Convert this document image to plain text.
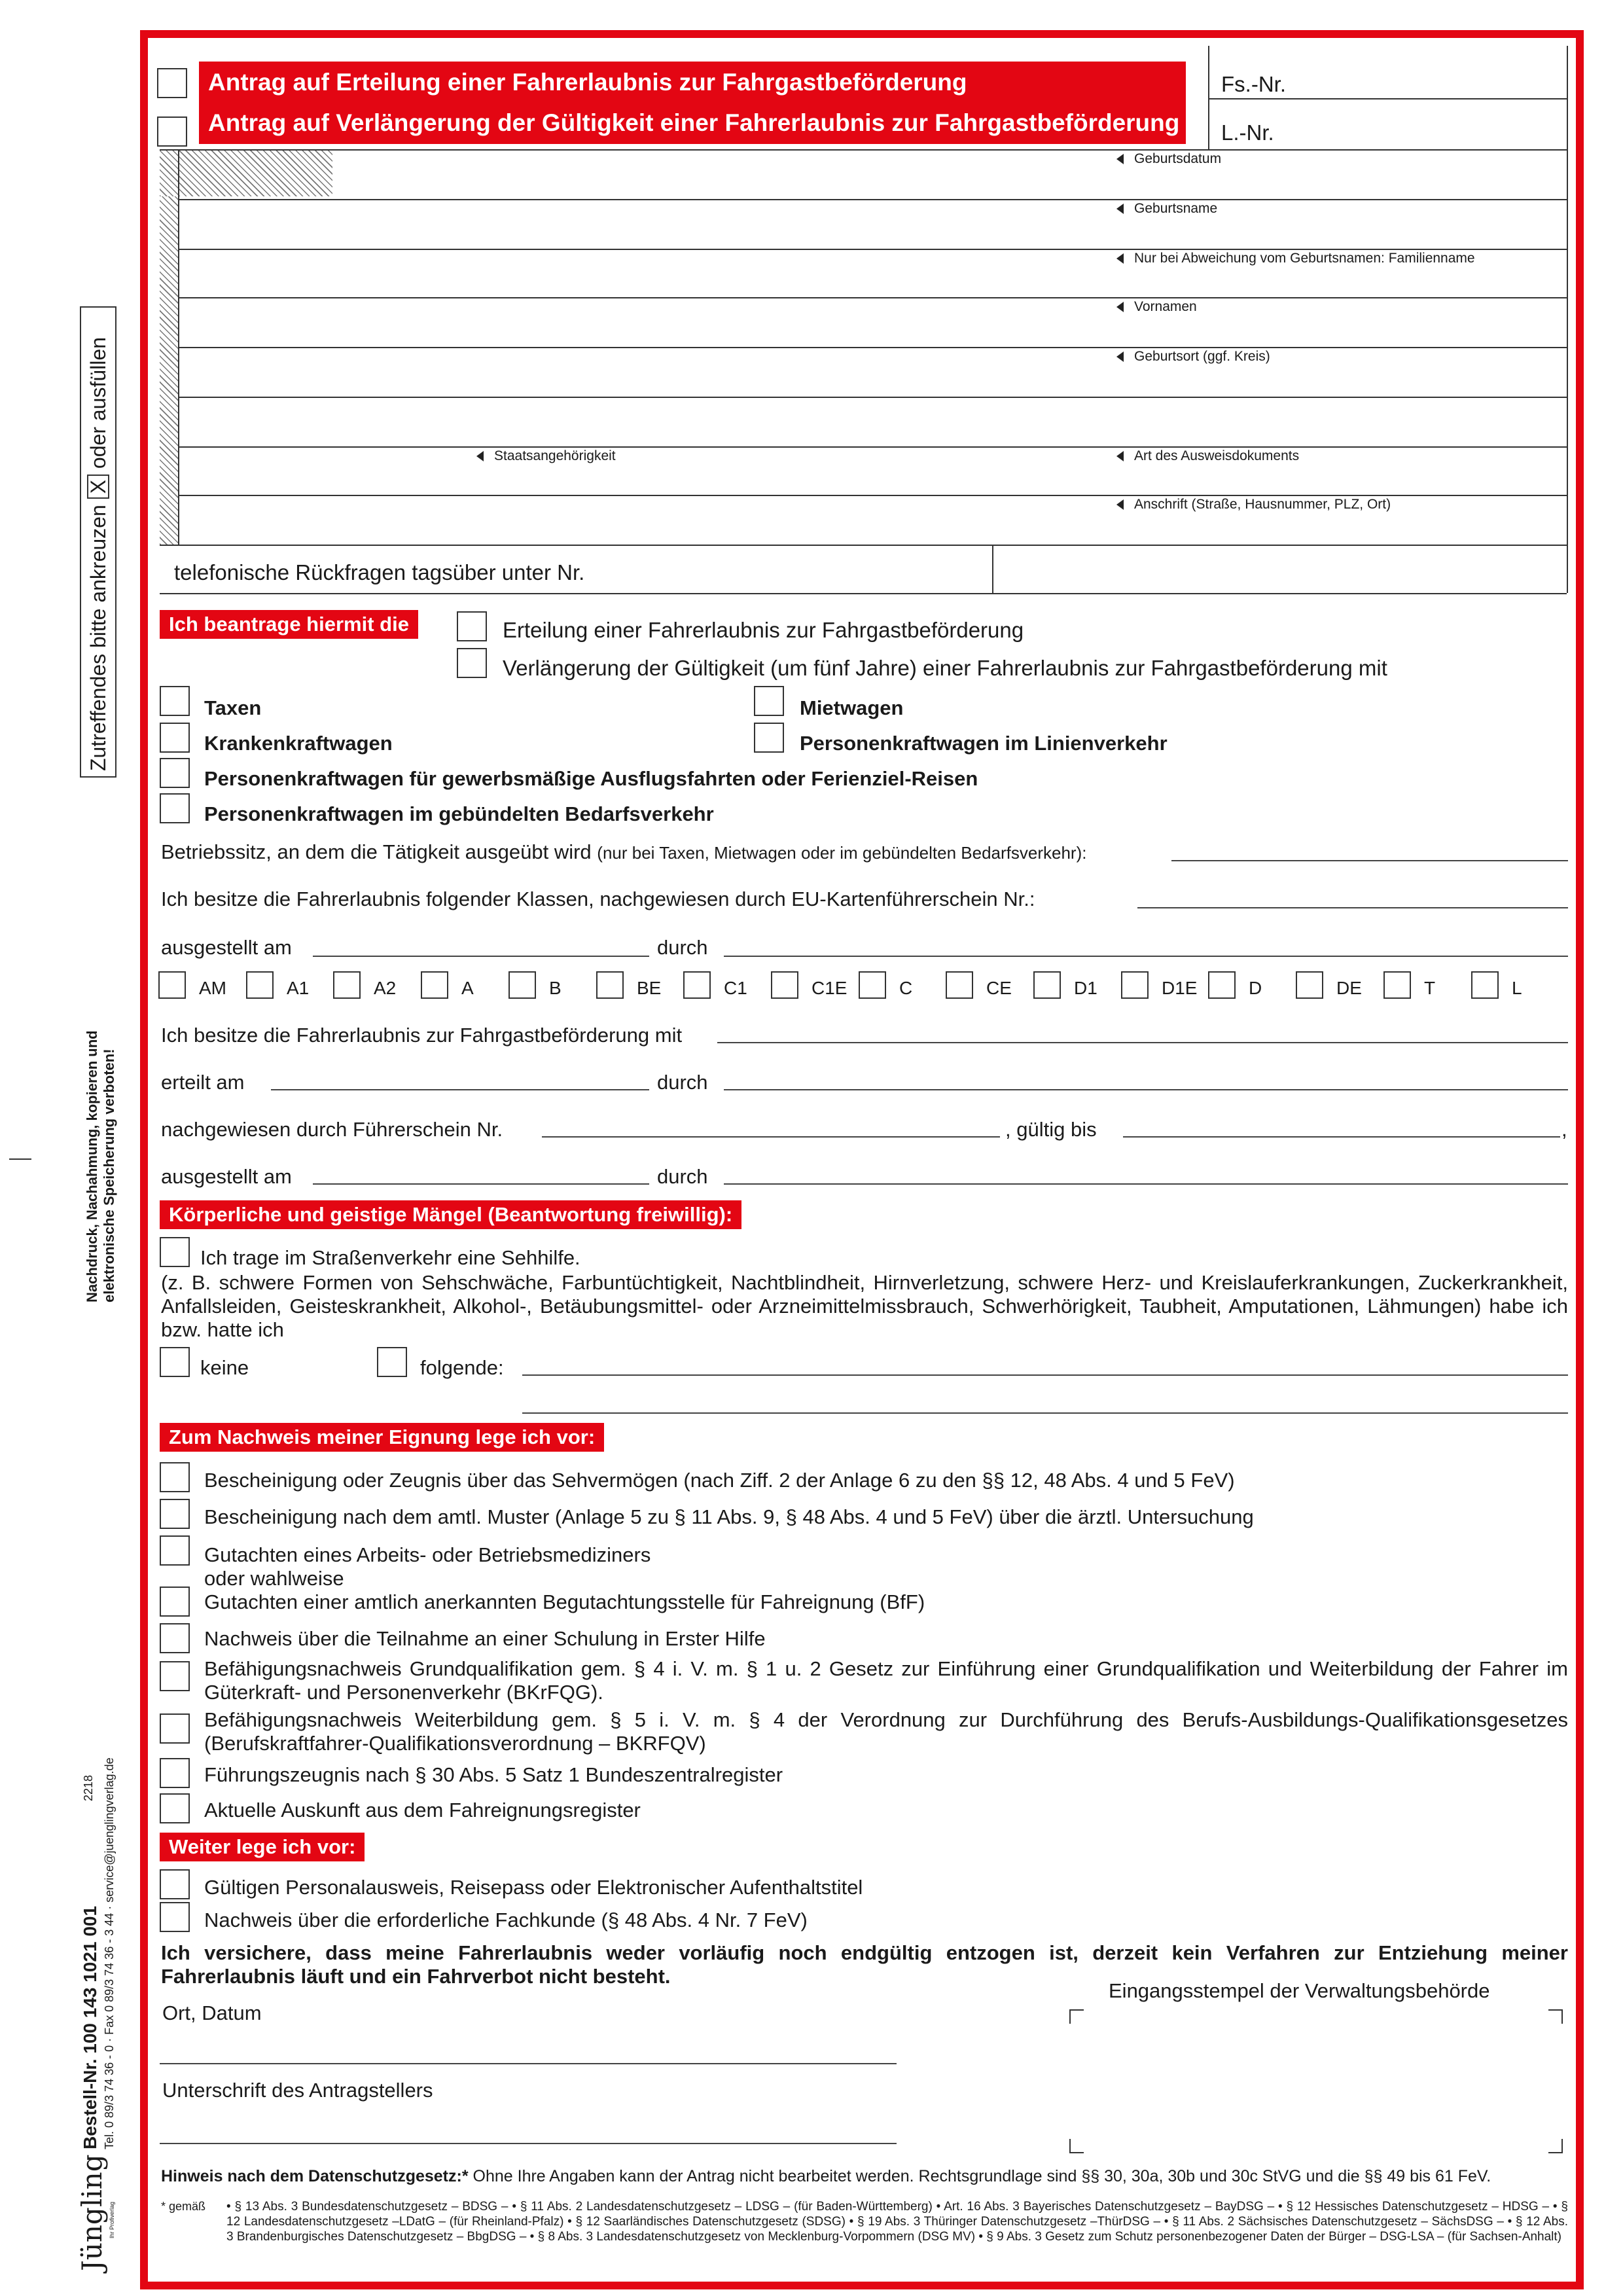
Antrag auf Erteilung einer Fahrerlaubnis zur Fahrgastbeförderung
Antrag auf Verlängerung der Gültigkeit einer Fahrerlaubnis zur Fahrgastbeförderung
Fs.-Nr.
L.-Nr.
Geburtsdatum
Geburtsname
Nur bei Abweichung vom Geburtsnamen: Familienname
Vornamen
Geburtsort (ggf. Kreis)
Staatsangehörigkeit	Art des Ausweisdokuments
Anschrift (Straße, Hausnummer, PLZ, Ort)
telefonische Rückfragen tagsüber unter Nr.
Ich beantrage hiermit die	Erteilung einer Fahrerlaubnis zur Fahrgastbeförderung
Verlängerung der Gültigkeit (um fünf Jahre) einer Fahrerlaubnis zur Fahrgastbeförderung mit
Taxen	Mietwagen
Krankenkraftwagen	Personenkraftwagen im Linienverkehr
Personenkraftwagen für gewerbsmäßige Ausflugsfahrten oder Ferienziel-Reisen
Personenkraftwagen im gebündelten Bedarfsverkehr
Betriebssitz, an dem die Tätigkeit ausgeübt wird (nur bei Taxen, Mietwagen oder im gebündelten Bedarfsverkehr):
Ich besitze die Fahrerlaubnis folgender Klassen, nachgewiesen durch EU-Kartenführerschein Nr.:
ausgestellt am	durch
AM	A1	A2	A	B	BE	C1	C1E	C	CE	D1	D1E	D	DE	T	L
Ich besitze die Fahrerlaubnis zur Fahrgastbeförderung mit
erteilt am	durch
nachgewiesen durch Führerschein Nr.	, gültig bis	,
ausgestellt am	durch
Körperliche und geistige Mängel (Beantwortung freiwillig):
Ich trage im Straßenverkehr eine Sehhilfe.
(z. B. schwere Formen von Sehschwäche, Farbuntüchtigkeit, Nachtblindheit, Hirnverletzung, schwere Herz- und Kreislauferkrankungen, Zuckerkrankheit, Anfallsleiden, Geisteskrankheit, Alkohol-, Betäubungsmittel- oder Arzneimittelmissbrauch, Schwerhörigkeit, Taubheit, Amputationen, Lähmungen) habe ich bzw. hatte ich
keine	folgende:
Zum Nachweis meiner Eignung lege ich vor:
Bescheinigung oder Zeugnis über das Sehvermögen (nach Ziff. 2 der Anlage 6 zu den §§ 12, 48 Abs. 4 und 5 FeV)
Bescheinigung nach dem amtl. Muster (Anlage 5 zu § 11 Abs. 9, § 48 Abs. 4 und 5 FeV) über die ärztl. Untersuchung
Gutachten eines Arbeits- oder Betriebsmediziners
oder wahlweise
Gutachten einer amtlich anerkannten Begutachtungsstelle für Fahreignung (BfF)
Nachweis über die Teilnahme an einer Schulung in Erster Hilfe
Befähigungsnachweis Grundqualifikation gem. § 4 i. V. m. § 1 u. 2 Gesetz zur Einführung einer Grundqualifikation und Weiterbildung der Fahrer im Güterkraft- und Personenverkehr (BKrFQG).
Befähigungsnachweis Weiterbildung gem. § 5 i. V. m. § 4 der Verordnung zur Durchführung des Berufs-Ausbildungs-Qualifikationsgesetzes (Berufskraftfahrer-Qualifikationsverordnung – BKRFQV)
Führungszeugnis nach § 30 Abs. 5 Satz 1 Bundeszentralregister
Aktuelle Auskunft aus dem Fahreignungsregister
Weiter lege ich vor:
Gültigen Personalausweis, Reisepass oder Elektronischer Aufenthaltstitel
Nachweis über die erforderliche Fachkunde (§ 48 Abs. 4 Nr. 7 FeV)
Ich versichere, dass meine Fahrerlaubnis weder vorläufig noch endgültig entzogen ist, derzeit kein Verfahren zur Entziehung meiner Fahrerlaubnis läuft und ein Fahrverbot nicht besteht.
Ort, Datum
Unterschrift des Antragstellers
Eingangsstempel der Verwaltungsbehörde
Hinweis nach dem Datenschutzgesetz:* Ohne Ihre Angaben kann der Antrag nicht bearbeitet werden. Rechtsgrundlage sind §§ 30, 30a, 30b und 30c StVG und die §§ 49 bis 61 FeV.
* gemäß • § 13 Abs. 3 Bundesdatenschutzgesetz – BDSG – • § 11 Abs. 2 Landesdatenschutzgesetz – LDSG – (für Baden-Württemberg) • Art. 16 Abs. 3 Bayerisches Datenschutzgesetz – BayDSG – • § 12 Hessisches Datenschutzgesetz – HDSG – • § 12 Landesdatenschutzgesetz –LDatG – (für Rheinland-Pfalz) • § 12 Saarländisches Datenschutzgesetz (SDSG) • § 19 Abs. 3 Thüringer Datenschutzgesetz –ThürDSG – • § 11 Abs. 2 Sächsisches Datenschutzgesetz – SächsDSG – • § 12 Abs. 3 Brandenburgisches Datenschutzgesetz – BbgDSG – • § 8 Abs. 3 Landesdatenschutzgesetz von Mecklenburg-Vorpommern (DSG MV) • § 9 Abs. 3 Gesetz zum Schutz personenbezogener Daten der Bürger – DSG-LSA – (für Sachsen-Anhalt)
Zutreffendes bitte ankreuzen X oder ausfüllen
Nachdruck, Nachahmung, kopieren und elektronische Speicherung verboten!
2218
Bestell-Nr. 100 143 1021 001 Tel. 0 89/3 74 36 - 0 · Fax 0 89/3 74 36 - 3 44 · service@juenglingverlag.de
Jüngling Ihr Profiverlag
